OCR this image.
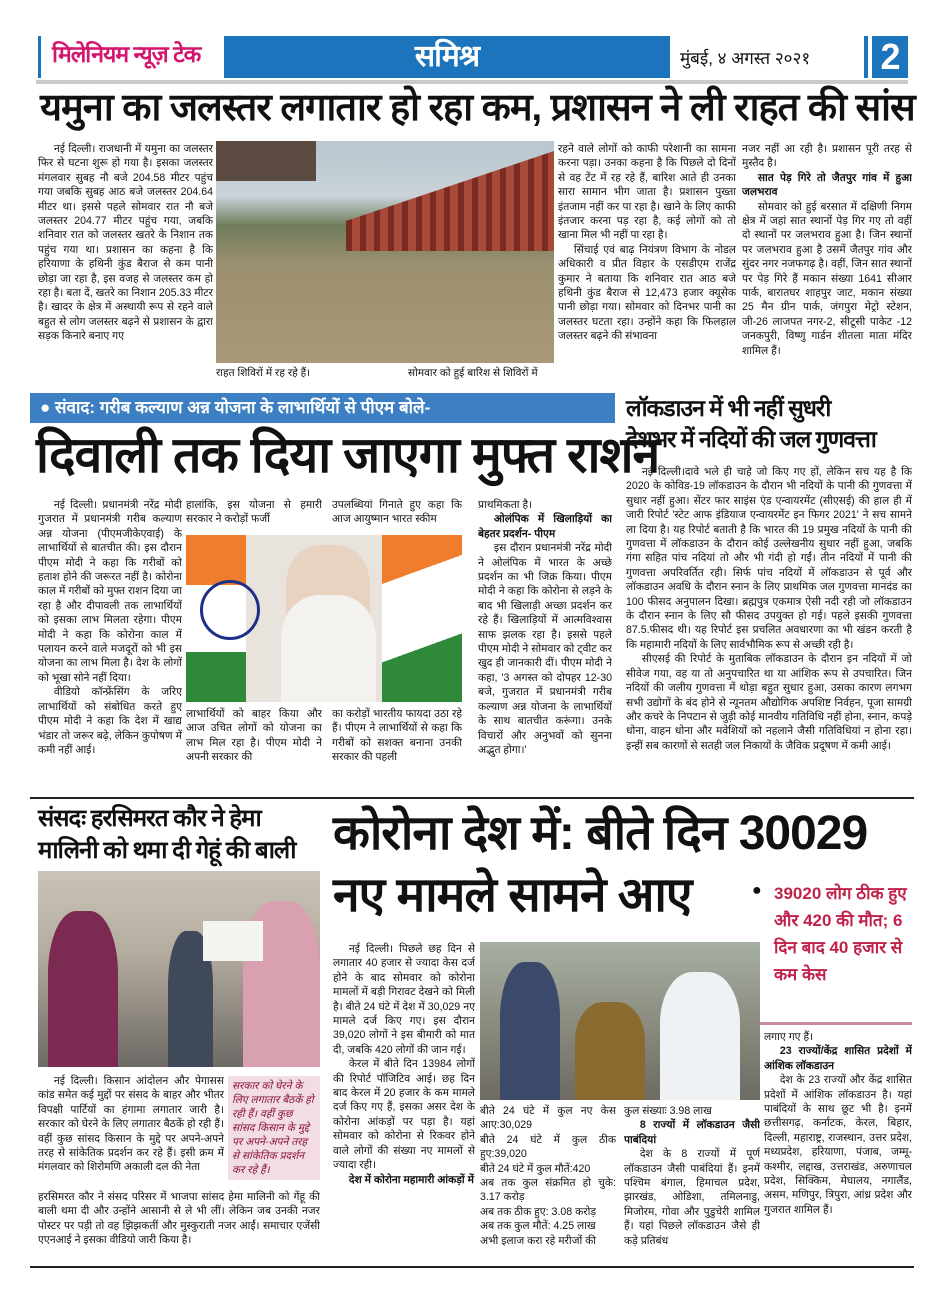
मिलेनियम न्यूज़ टेक	समिश्र	मुंबई, ४ अगस्त २०२१ 2
यमुना का जलस्तर लगातार हो रहा कम, प्रशासन ने ली राहत की सांस

नई दिल्ली। राजधानी में यमुना का जलस्तर फिर से घटना शुरू हो गया है। इसका जलस्तर मंगलवार सुबह नौ बजे 204.58 मीटर पहुंच गया जबकि सुबह आठ बजे जलस्तर 204.64 मीटर था। इससे पहले सोमवार रात नौ बजे जलस्तर 204.77 मीटर पहुंच गया, जबकि शनिवार रात को जलस्तर खतरे के निशान तक पहुंच गया था। प्रशासन का कहना है कि हरियाणा के हथिनी कुंड बैराज से कम पानी छोड़ा जा रहा है, इस वजह से जलस्तर कम हो रहा है। बता दें, खतरे का निशान 205.33 मीटर है। खादर के क्षेत्र में अस्थायी रूप से रहने वाले बहुत से लोग जलस्तर बढ़ने से प्रशासन के द्वारा सड़क किनारे बनाए गए

राहत शिविरों में रह रहे हैं।	सोमवार को हुई बारिश से शिविरों में

रहने वाले लोगों को काफी परेशानी का सामना करना पड़ा। उनका कहना है कि पिछले दो दिनों से वह टेंट में रह रहे हैं, बारिश आते ही उनका सारा सामान भीग जाता है। प्रशासन पुख्ता इंतजाम नहीं कर पा रहा है। खाने के लिए काफी इंतजार करना पड़ रहा है, कई लोगों को तो खाना मिल भी नहीं पा रहा है।

सिंचाई एवं बाढ़ नियंत्रण विभाग के नोडल अधिकारी व प्रीत विहार के एसडीएम राजेंद्र कुमार ने बताया कि शनिवार रात आठ बजे हथिनी कुंड बैराज से 12,473 हजार क्यूसेक पानी छोड़ा गया। सोमवार को दिनभर पानी का जलस्तर घटता रहा। उन्होंने कहा कि फिलहाल जलस्तर बढ़ने की संभावना

नजर नहीं आ रही है। प्रशासन पूरी तरह से मुस्तैद है।

सात पेड़ गिरे तो जैतपुर गांव में हुआ जलभराव

सोमवार को हुई बरसात में दक्षिणी निगम क्षेत्र में जहां सात स्थानों पेड़ गिर गए तो वहीं दो स्थानों पर जलभराव हुआ है। जिन स्थानों पर जलभराव हुआ है उसमें जैतपुर गांव और सुंदर नगर नजफगढ़ है। वहीं, जिन सात स्थानों पर पेड़ गिरे हैं मकान संख्या 1641 सीआर पार्क, बारातघर शाहपुर जाट, मकान संख्या 25 मैन ग्रीन पार्क, जंगपुरा मेट्रो स्टेशन, जी-26 लाजपत नगर-2, सीटूसी पाकेट -12 जनकपुरी, विष्णु गार्डन शीतला माता मंदिर शामिल हैं।

● संवाद: गरीब कल्याण अन्न योजना के लाभार्थियों से पीएम बोले-
दिवाली तक दिया जाएगा मुफ्त राशन

नई दिल्ली। प्रधानमंत्री नरेंद्र मोदी गुजरात में प्रधानमंत्री गरीब कल्याण अन्न योजना (पीएमजीकेएवाई) के लाभार्थियों से बातचीत की। इस दौरान पीएम मोदी ने कहा कि गरीबों को हताश होने की जरूरत नहीं है। कोरोना काल में गरीबों को मुफ्त राशन दिया जा रहा है और दीपावली तक लाभार्थियों को इसका लाभ मिलता रहेगा। पीएम मोदी ने कहा कि कोरोना काल में पलायन करने वाले मजदूरों को भी इस योजना का लाभ मिला है। देश के लोगों को भूखा सोने नहीं दिया।

वीडियो कॉन्फ्रेंसिंग के जरिए लाभार्थियों को संबोधित करते हुए पीएम मोदी ने कहा कि देश में खाद्य भंडार तो जरूर बढ़े, लेकिन कुपोषण में कमी नहीं आई।

हालांकि, इस योजना से हमारी सरकार ने करोड़ों फर्जी

उपलब्धियां गिनाते हुए कहा कि आज आयुष्मान भारत स्कीम

लाभार्थियों को बाहर किया और आज उचित लोगों को योजना का लाभ मिल रहा है। पीएम मोदी ने अपनी सरकार की

का करोड़ों भारतीय फायदा उठा रहे हैं। पीएम ने लाभार्थियों से कहा कि गरीबों को सशक्त बनाना उनकी सरकार की पहली

प्राथमिकता है।

ओलंपिक में खिलाड़ियों का बेहतर प्रदर्शन- पीएम

इस दौरान प्रधानमंत्री नरेंद्र मोदी ने ओलंपिक में भारत के अच्छे प्रदर्शन का भी जिक्र किया। पीएम मोदी ने कहा कि कोरोना से लड़ने के बाद भी खिलाड़ी अच्छा प्रदर्शन कर रहे हैं। खिलाड़ियों में आत्मविश्वास साफ झलक रहा है। इससे पहले पीएम मोदी ने सोमवार को ट्वीट कर खुद ही जानकारी दीं। पीएम मोदी ने कहा, '3 अगस्त को दोपहर 12-30 बजे, गुजरात में प्रधानमंत्री गरीब कल्याण अन्न योजना के लाभार्थियों के साथ बातचीत करूंगा। उनके विचारों और अनुभवों को सुनना अद्भुत होगा।'

लॉकडाउन में भी नहीं सुधरी
देशभर में नदियों की जल गुणवत्ता

नई दिल्ली।दावे भले ही चाहे जो किए गए हों, लेकिन सच यह है कि 2020 के कोविड-19 लॉकडाउन के दौरान भी नदियों के पानी की गुणवत्ता में सुधार नहीं हुआ। सेंटर फार साइंस एंड एन्वायरमेंट (सीएसई) की हाल ही में जारी रिपोर्ट 'स्टेट आफ इंडियाज एन्वायरमेंट इन फिगर 2021' ने सच सामने ला दिया है। यह रिपोर्ट बताती है कि भारत की 19 प्रमुख नदियों के पानी की गुणवत्ता में लॉकडाउन के दौरान कोई उल्लेखनीय सुधार नहीं हुआ, जबकि गंगा सहित पांच नदियां तो और भी गंदी हो गईं। तीन नदियों में पानी की गुणवत्ता अपरिवर्तित रही। सिर्फ पांच नदियों में लॉकडाउन से पूर्व और लॉकडाउन अवधि के दौरान स्नान के लिए प्राथमिक जल गुणवत्ता मानदंड का 100 फीसद अनुपालन दिखा। ब्रह्मपुत्र एकमात्र ऐसी नदी रही जो लॉकडाउन के दौरान स्नान के लिए सौ फीसद उपयुक्त हो गई। पहले इसकी गुणवत्ता 87.5.फीसद थी। यह रिपोर्ट इस प्रचलित अवधारणा का भी खंडन करती है कि महामारी नदियों के लिए सार्वभौमिक रूप से अच्छी रही है।

सीएसई की रिपोर्ट के मुताबिक लॉकडाउन के दौरान इन नदियों में जो सीवेज गया, वह या तो अनुपचारित था या आंशिक रूप से उपचारित। जिन नदियों की जलीय गुणवत्ता में थोड़ा बहुत सुधार हुआ, उसका कारण लगभग सभी उद्योगों के बंद होने से न्यूनतम औद्योगिक अपशिष्ट निर्वहन, पूजा सामग्री और कचरे के निपटान से जुड़ी कोई मानवीय गतिविधि नहीं होना, स्नान, कपड़े धोना, वाहन धोना और मवेशियों को नहलाने जैसी गतिविधियां न होना रहा। इन्हीं सब कारणों से सतही जल निकायों के जैविक प्रदूषण में कमी आई।

संसदः हरसिमरत कौर ने हेमा
मालिनी को थमा दी गेहूं की बाली

नई दिल्ली। किसान आंदोलन और पेगासस कांड समेत कई मुद्दों पर संसद के बाहर और भीतर विपक्षी पार्टियों का हंगामा लगातार जारी है। सरकार को घेरने के लिए लगातार बैठकें हो रही हैं। वहीं कुछ सांसद किसान के मुद्दे पर अपने-अपने तरह से सांकेतिक प्रदर्शन कर रहे हैं। इसी क्रम में मंगलवार को शिरोमणि अकाली दल की नेता

सरकार को घेरने के लिए लगातार बैठकें हो रही हैं। वहीं कुछ सांसद किसान के मुद्दे पर अपने-अपने तरह से सांकेतिक प्रदर्शन कर रहे हैं।

हरसिमरत कौर ने संसद परिसर में भाजपा सांसद हेमा मालिनी को गेंहू की बाली थमा दी और उन्होंने आसानी से ले भी लीं। लेकिन जब उनकी नजर पोस्टर पर पड़ी तो वह झिझकतीं और मुस्कुराती नजर आईं। समाचार एजेंसी एएनआई ने इसका वीडियो जारी किया है।

कोरोना देश में: बीते दिन 30029
नए मामले सामने आए	● 39020 लोग ठीक हुए और 420 की मौत; 6 दिन बाद 40 हजार से कम केस

नई दिल्ली। पिछले छह दिन से लगातार 40 हजार से ज्यादा केस दर्ज होने के बाद सोमवार को कोरोना मामलों में बड़ी गिरावट देखने को मिली है। बीते 24 घंटे में देश में 30,029 नए मामले दर्ज किए गए। इस दौरान 39,020 लोगों ने इस बीमारी को मात दी, जबकि 420 लोगों की जान गई।

केरल में बीते दिन 13984 लोगों की रिपोर्ट पॉजिटिव आई। छह दिन बाद केरल में 20 हजार के कम मामले दर्ज किए गए हैं, इसका असर देश के कोरोना आंकड़ों पर पड़ा है। यहां सोमवार को कोरोना से रिकवर होने वाले लोगों की संख्या नए मामलों से ज्यादा रही।

देश में कोरोना महामारी आंकड़ों में
बीते 24 घंटे में कुल नए केस आए:30,029
बीते 24 घंटे में कुल ठीक हुए:39,020
बीते 24 घंटे में कुल मौतें:420
अब तक कुल संक्रमित हो चुके: 3.17 करोड़
अब तक ठीक हुए: 3.08 करोड़
अब तक कुल मौतें: 4.25 लाख
अभी इलाज करा रहे मरीजों की

कुल संख्याः 3.98 लाख

8 राज्यों में लॉकडाउन जैसी पाबंदियां

देश के 8 राज्यों में पूर्ण लॉकडाउन जैसी पाबंदियां हैं। इनमें पश्चिम बंगाल, हिमाचल प्रदेश, झारखंड, ओडिशा, तमिलनाडु, मिजोरम, गोवा और पुडुचेरी शामिल हैं। यहां पिछले लॉकडाउन जैसे ही कड़े प्रतिबंध

लगाए गए हैं।

23 राज्यों/केंद्र शासित प्रदेशों में आंशिक लॉकडाउन

देश के 23 राज्यों और केंद्र शासित प्रदेशों में आंशिक लॉकडाउन है। यहां पाबंदियों के साथ छूट भी है। इनमें छत्तीसगढ़, कर्नाटक, केरल, बिहार, दिल्ली, महाराष्ट्र, राजस्थान, उत्तर प्रदेश, मध्यप्रदेश, हरियाणा, पंजाब, जम्मू-कश्मीर, लद्दाख, उत्तराखंड, अरुणाचल प्रदेश, सिक्किम, मेघालय, नगालैंड, असम, मणिपुर, त्रिपुरा, आंध्र प्रदेश और गुजरात शामिल हैं।
